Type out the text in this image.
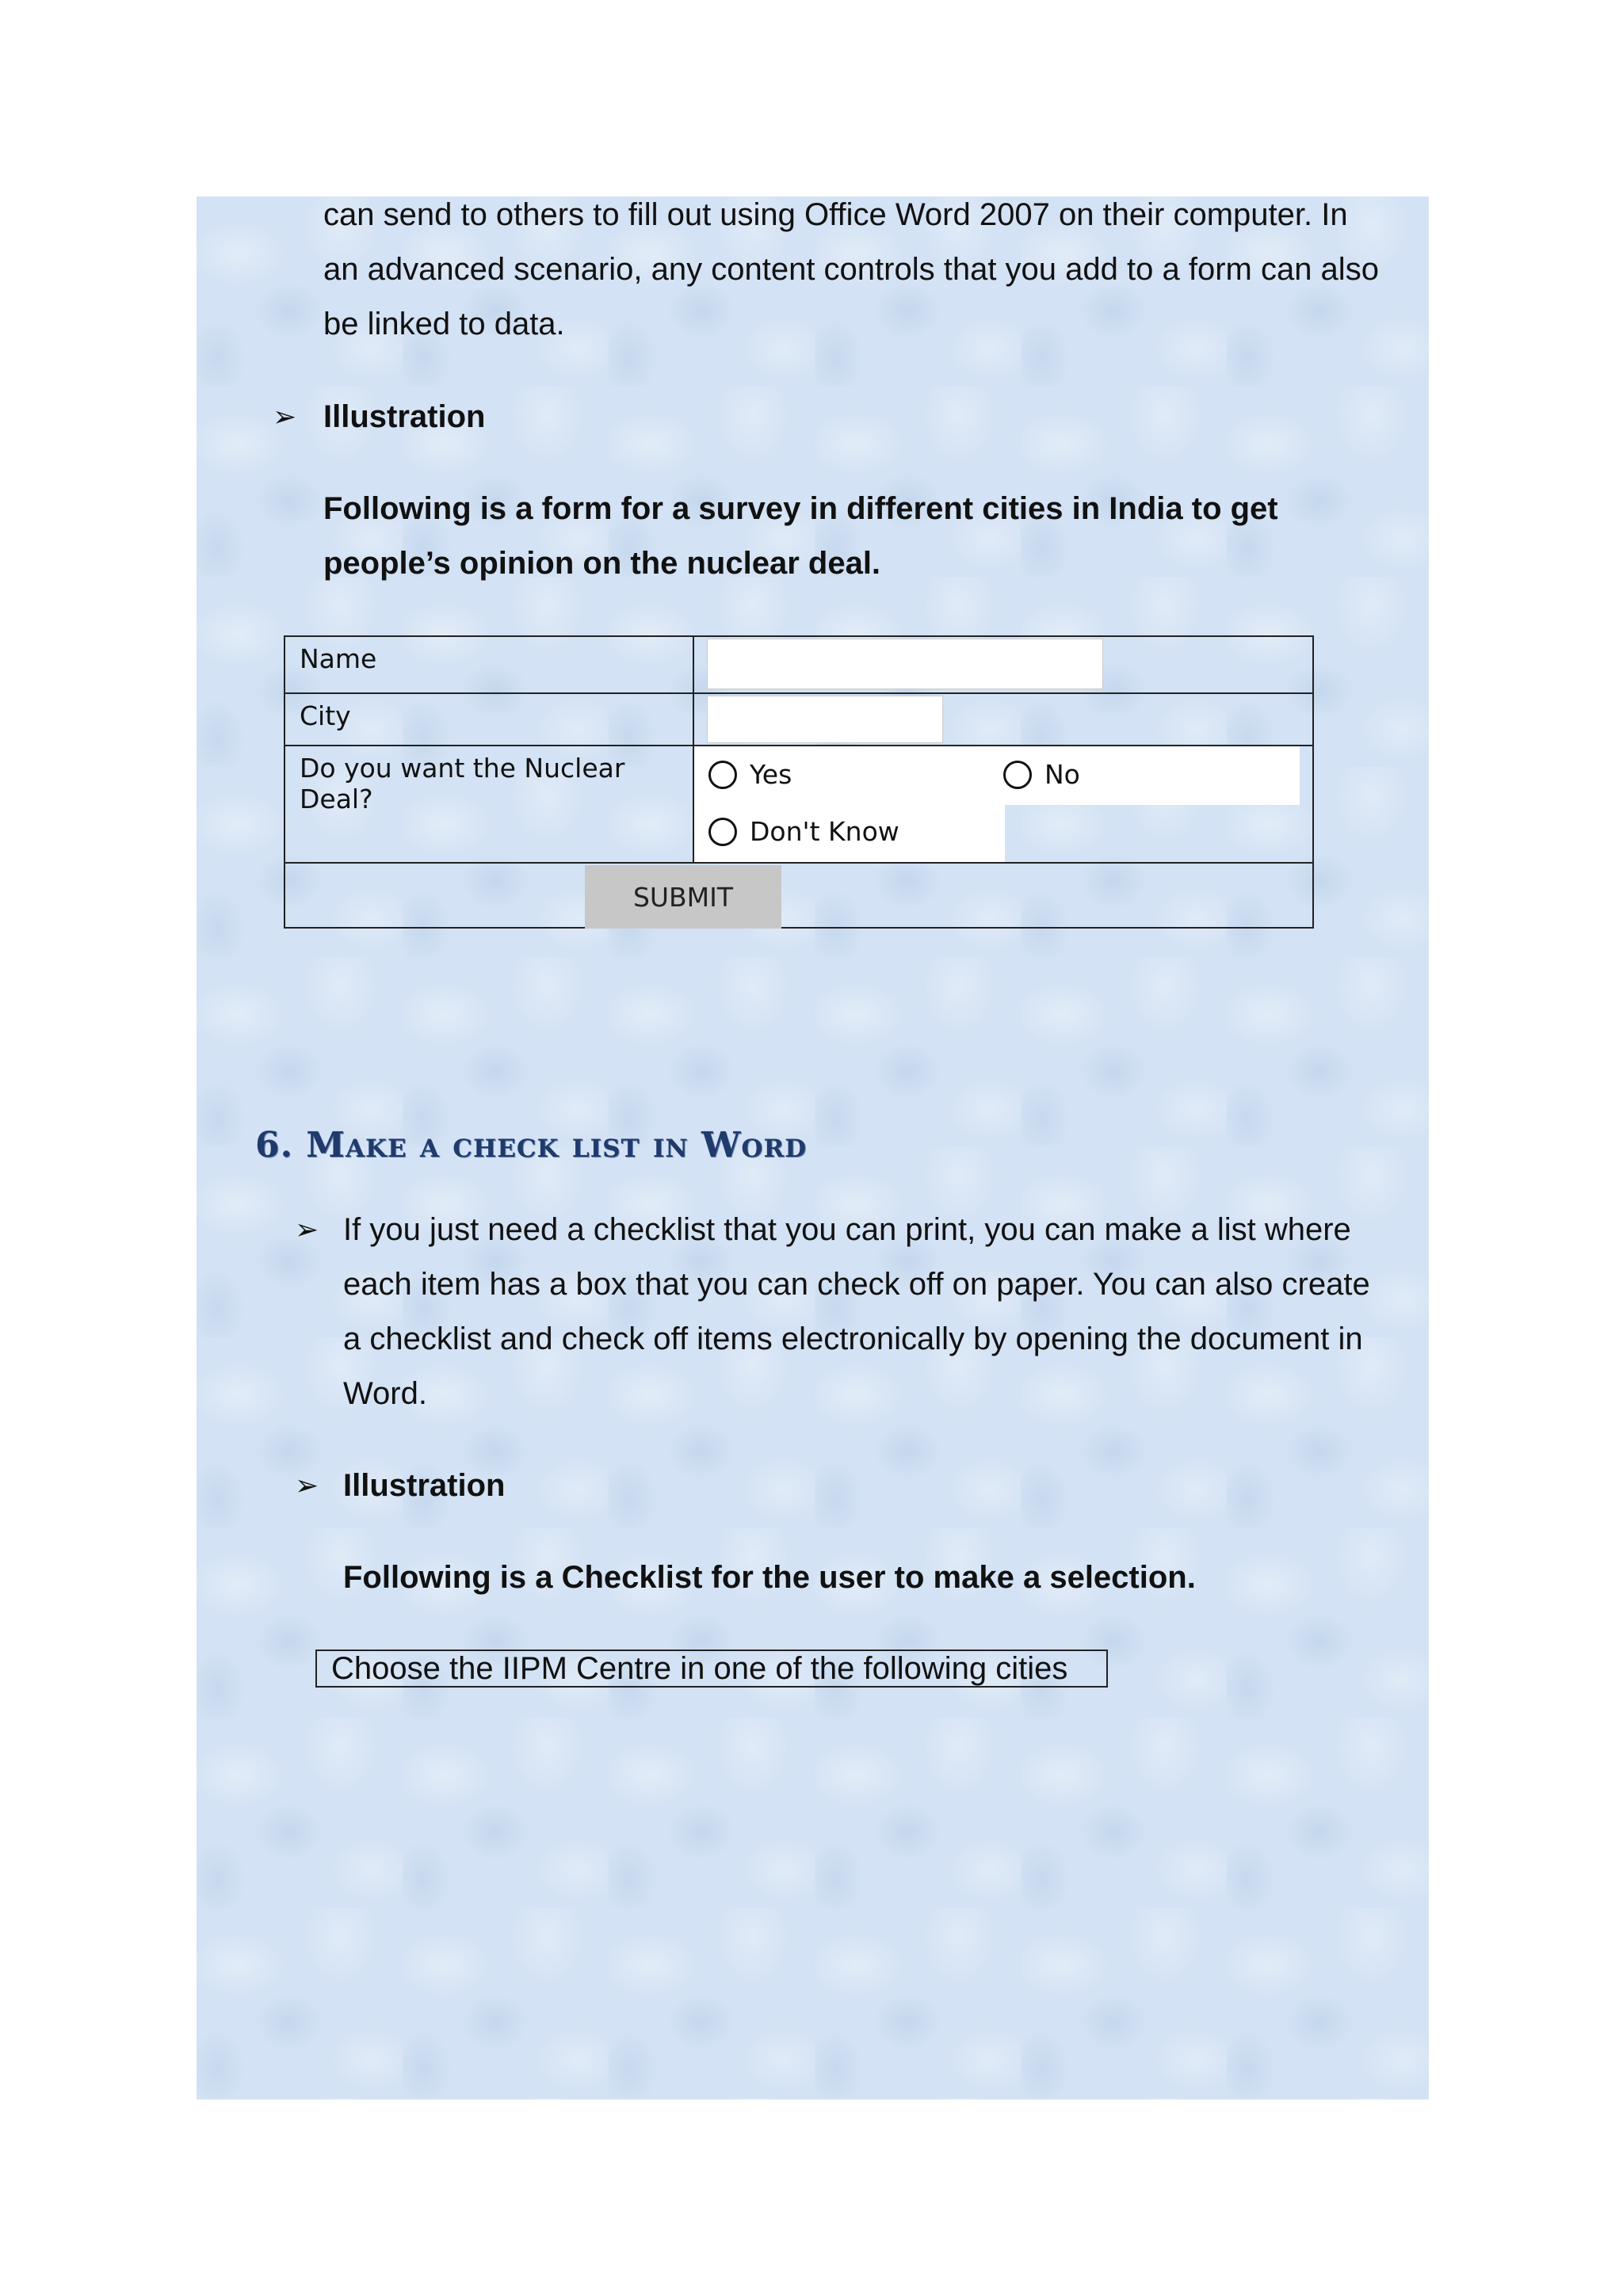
can send to others to fill out using Office Word 2007 on their computer. In
an advanced scenario, any content controls that you add to a form can also
be linked to data.
➢ Illustration
Following is a form for a survey in different cities in India to get
people’s opinion on the nuclear deal.
Name
City
Do you want the Nuclear Deal?
Yes	No
Don't Know
SUBMIT
6. Make a check list in Word
➢ If you just need a checklist that you can print, you can make a list where
each item has a box that you can check off on paper. You can also create
a checklist and check off items electronically by opening the document in
Word.
➢ Illustration
Following is a Checklist for the user to make a selection.
Choose the IIPM Centre in one of the following cities
